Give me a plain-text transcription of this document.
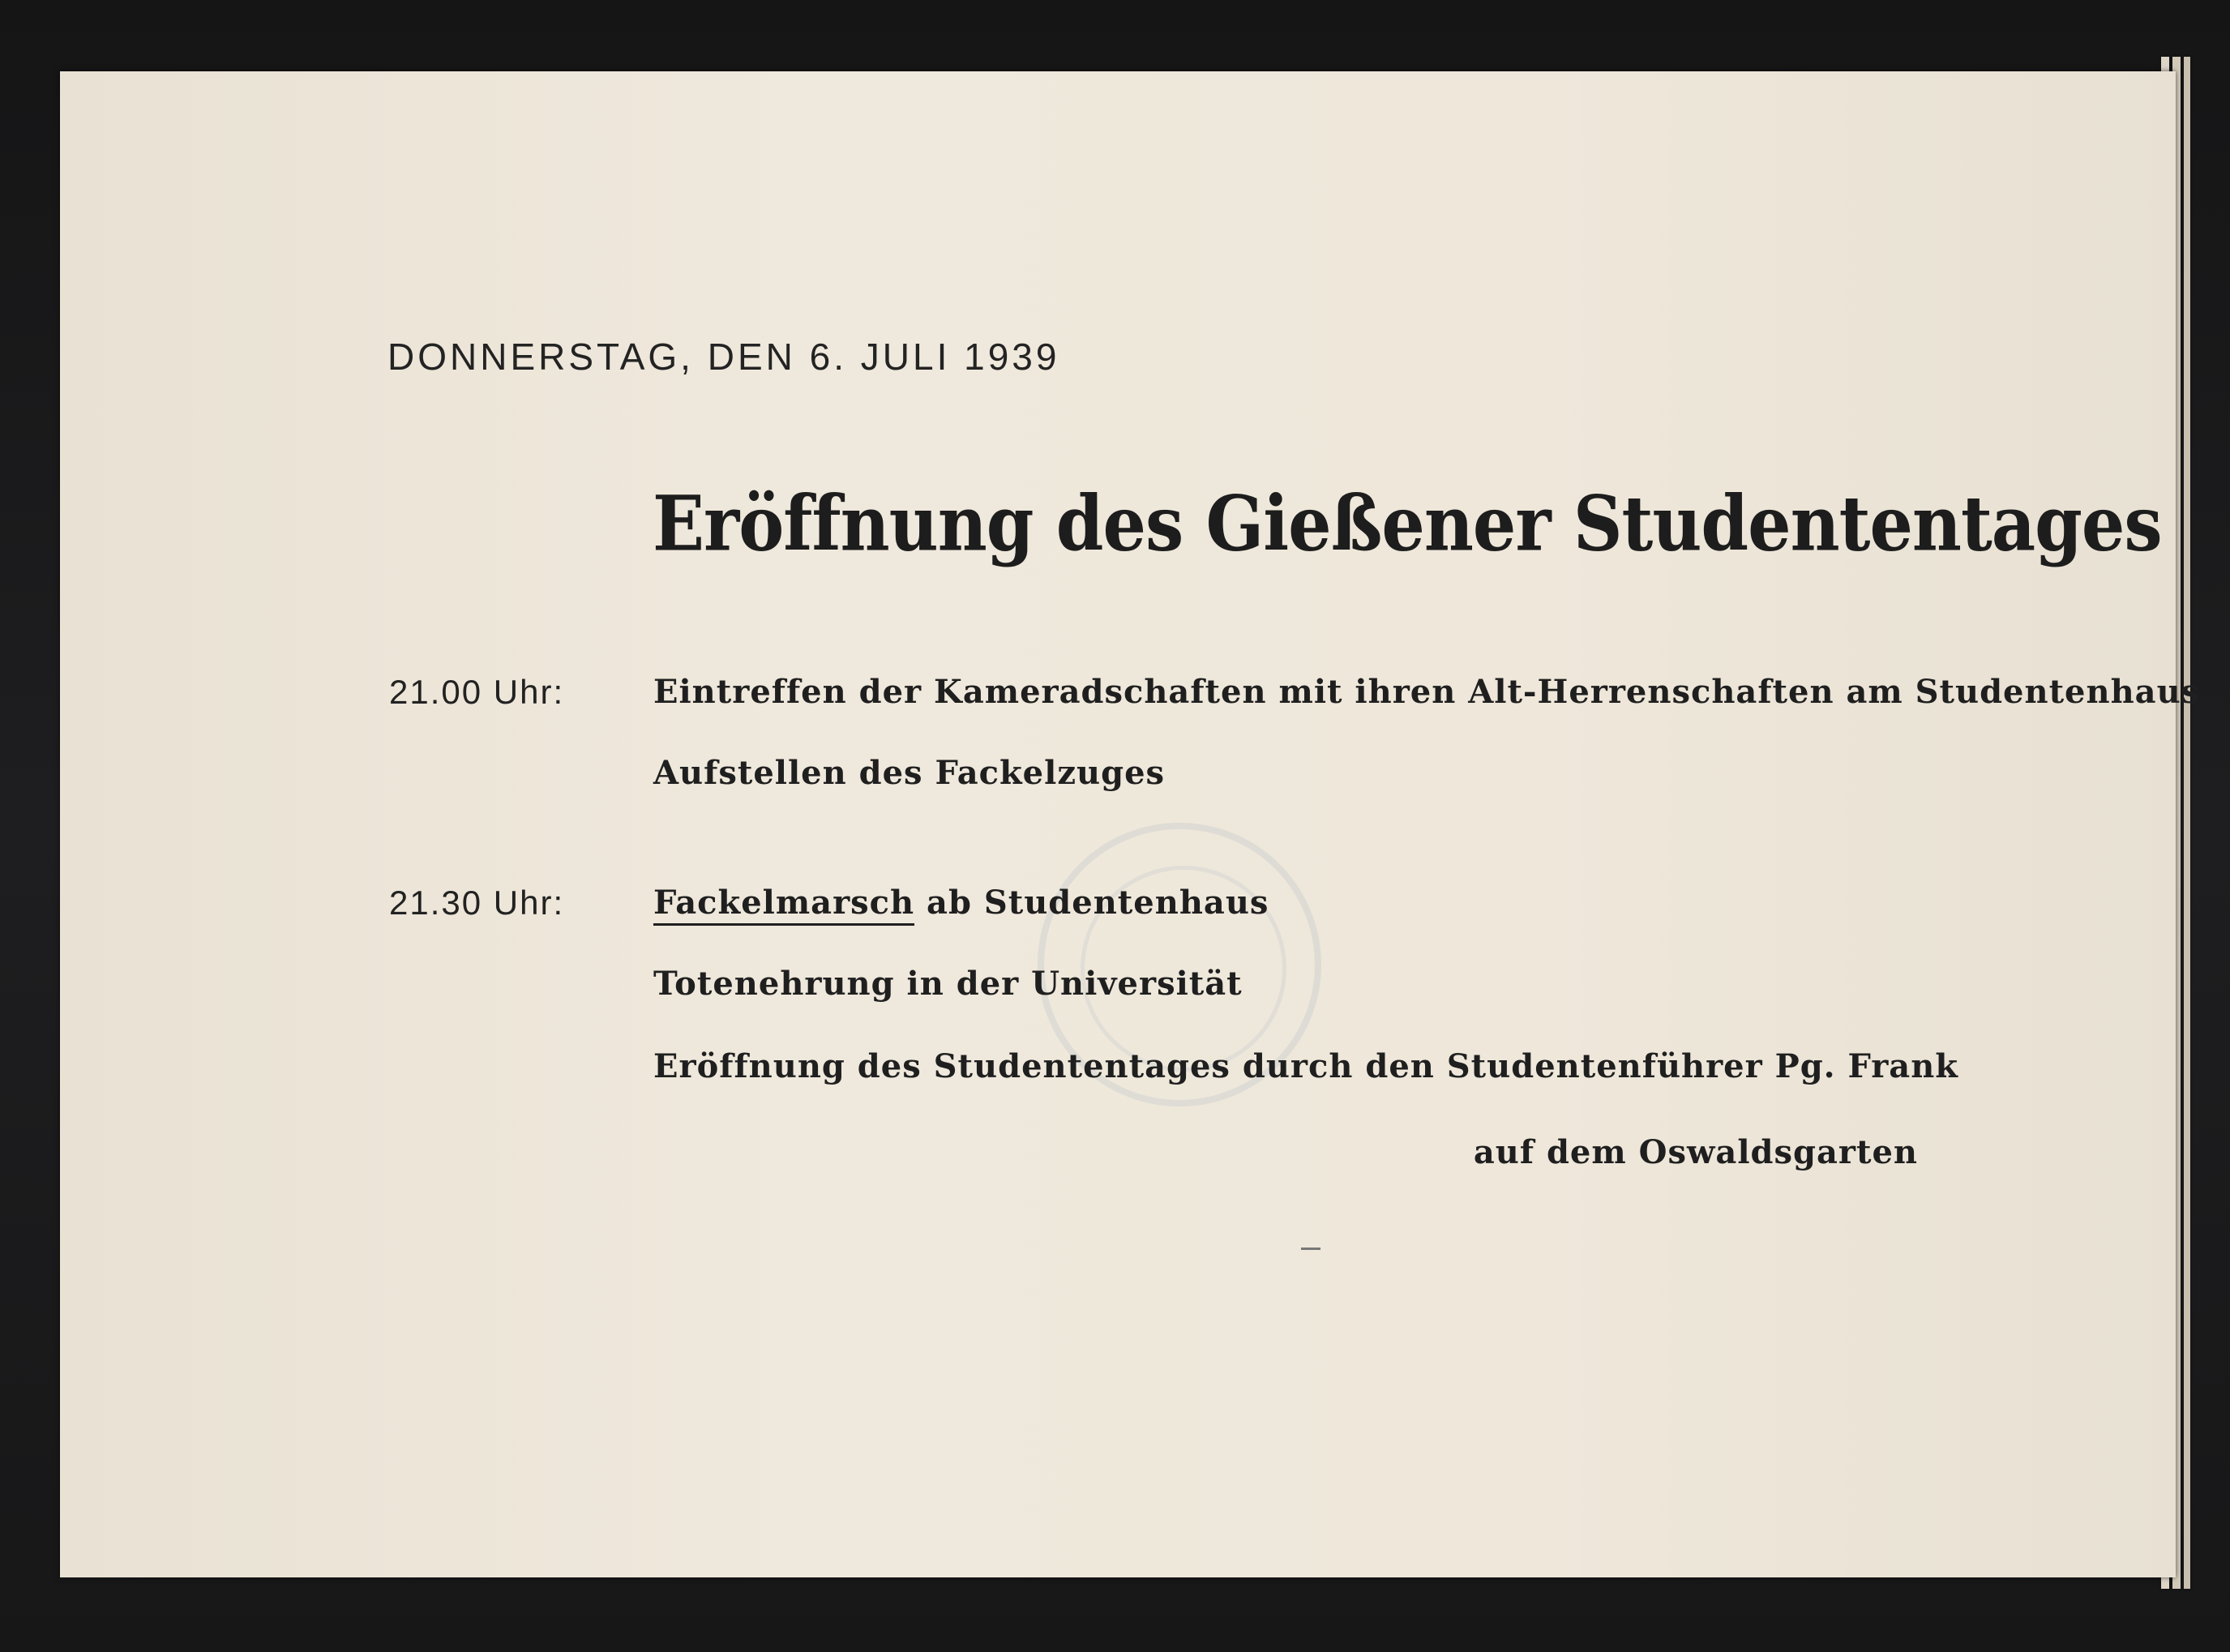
DONNERSTAG, DEN 6. JULI 1939
Eröffnung des Gießener Studententages
21.00 Uhr:	Eintreffen der Kameradschaften mit ihren Alt-Herrenschaften am Studentenhaus
Aufstellen des Fackelzuges
21.30 Uhr:	Fackelmarsch ab Studentenhaus
Totenehrung in der Universität
Eröffnung des Studententages durch den Studentenführer Pg. Frank
auf dem Oswaldsgarten
